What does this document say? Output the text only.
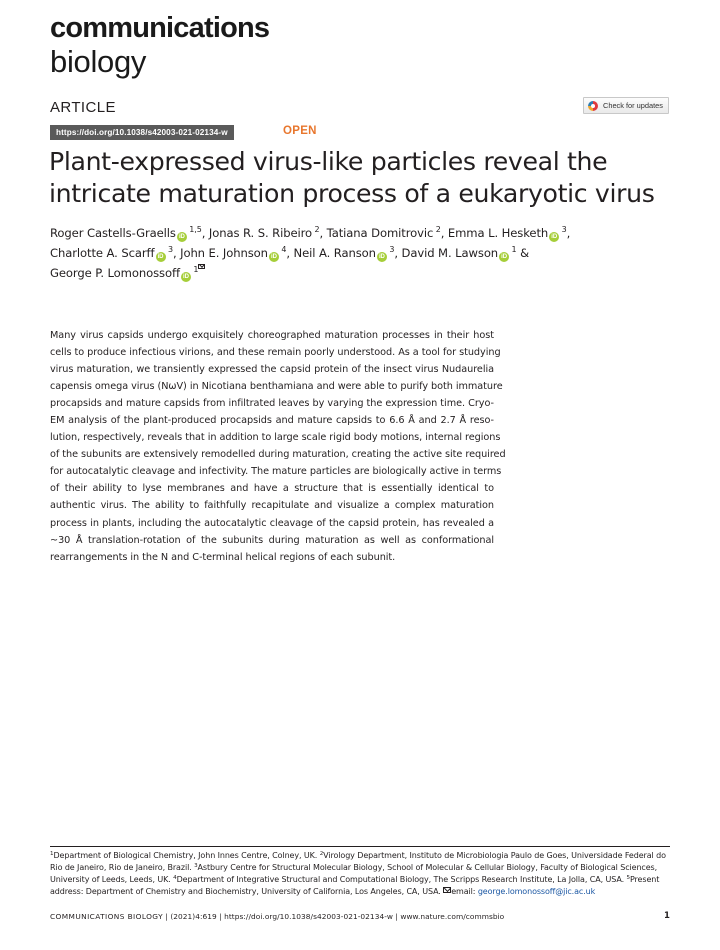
communications
biology
ARTICLE	Check for updates
https://doi.org/10.1038/s42003-021-02134-w	OPEN
Plant-expressed virus-like particles reveal the intricate maturation process of a eukaryotic virus
Roger Castells-Graells iD $^{1,5}$, Jonas R. S. Ribeiro $^2$, Tatiana Domitrovic $^2$, Emma L. Hesketh iD $^3$,
Charlotte A. Scarff iD $^3$, John E. Johnson iD $^4$, Neil A. Ranson iD $^3$, David M. Lawson iD $^1$ &
George P. Lomonossoff iD $^1$
Many virus capsids undergo exquisitely choreographed maturation processes in their host
cells to produce infectious virions, and these remain poorly understood. As a tool for studying
virus maturation, we transiently expressed the capsid protein of the insect virus Nudaurelia
capensis omega virus (NωV) in Nicotiana benthamiana and were able to purify both immature
procapsids and mature capsids from infiltrated leaves by varying the expression time. Cryo-
EM analysis of the plant-produced procapsids and mature capsids to 6.6 Å and 2.7 Å reso-
lution, respectively, reveals that in addition to large scale rigid body motions, internal regions
of the subunits are extensively remodelled during maturation, creating the active site required
for autocatalytic cleavage and infectivity. The mature particles are biologically active in terms
of their ability to lyse membranes and have a structure that is essentially identical to
authentic virus. The ability to faithfully recapitulate and visualize a complex maturation
process in plants, including the autocatalytic cleavage of the capsid protein, has revealed a
~30 Å translation-rotation of the subunits during maturation as well as conformational
rearrangements in the N and C-terminal helical regions of each subunit.
$^1$Department of Biological Chemistry, John Innes Centre, Colney, UK. $^2$Virology Department, Instituto de Microbiologia Paulo de Goes, Universidade Federal do Rio de Janeiro, Rio de Janeiro, Brazil. $^3$Astbury Centre for Structural Molecular Biology, School of Molecular & Cellular Biology, Faculty of Biological Sciences, University of Leeds, Leeds, UK. $^4$Department of Integrative Structural and Computational Biology, The Scripps Research Institute, La Jolla, CA, USA. $^5$Present address: Department of Chemistry and Biochemistry, University of California, Los Angeles, CA, USA. email: george.lomonossoff@jic.ac.uk
COMMUNICATIONS BIOLOGY | (2021)4:619 | https://doi.org/10.1038/s42003-021-02134-w | www.nature.com/commsbio	1
